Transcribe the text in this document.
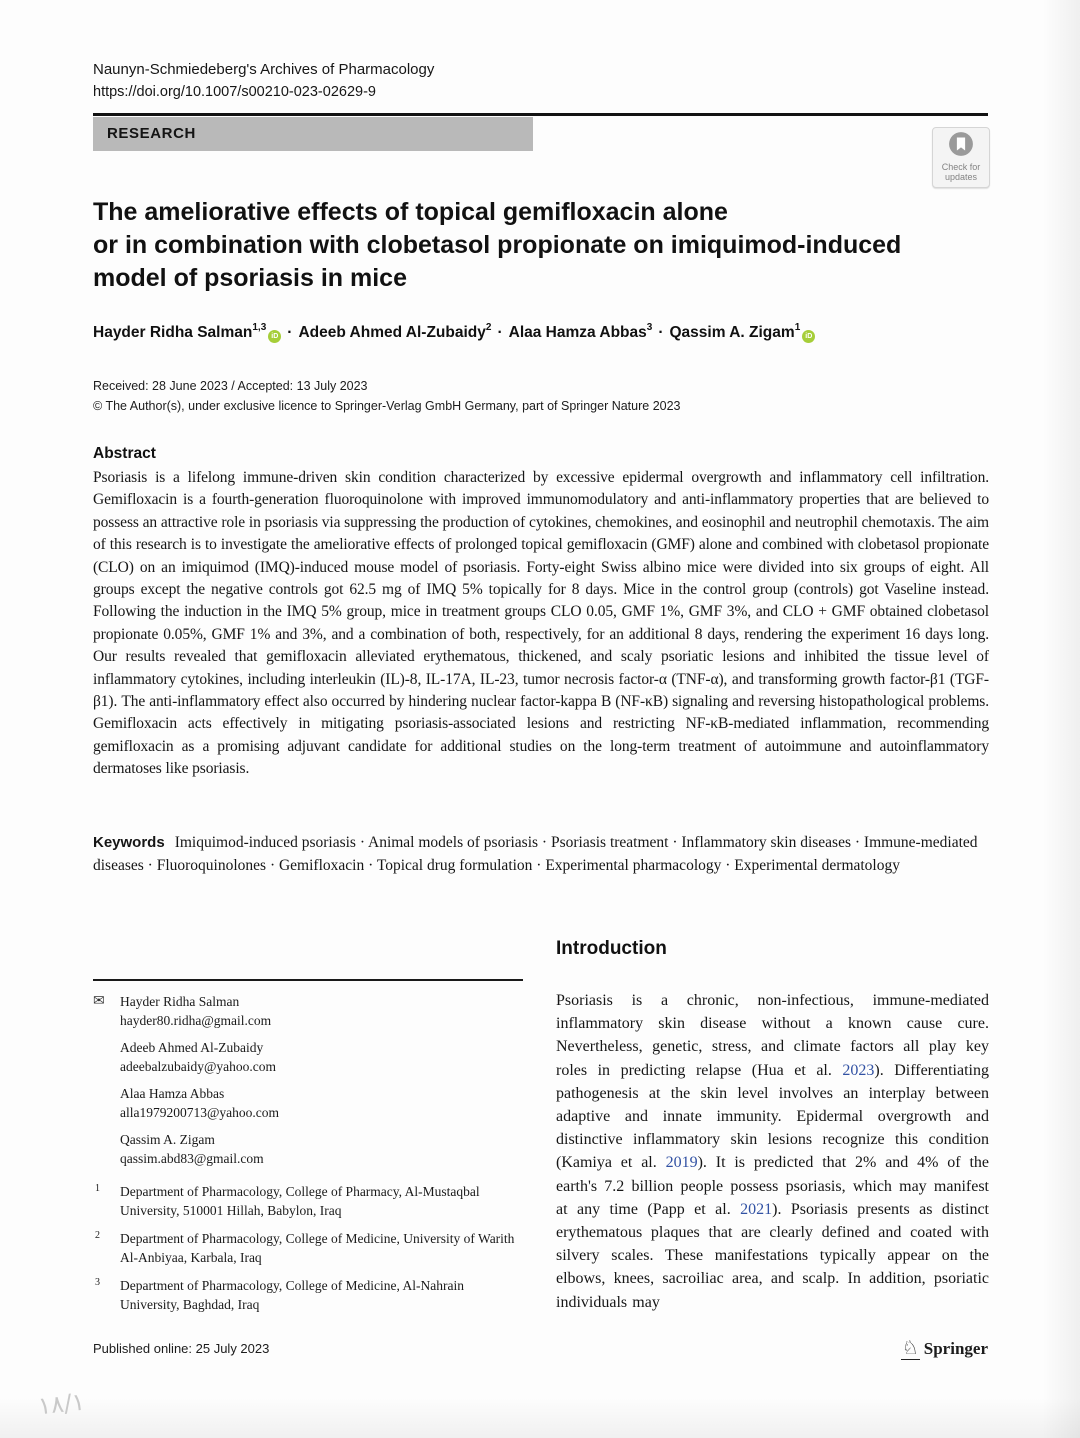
Naunyn-Schmiedeberg's Archives of Pharmacology
https://doi.org/10.1007/s00210-023-02629-9
RESEARCH
Check for
updates
The ameliorative effects of topical gemifloxacin alone
or in combination with clobetasol propionate on imiquimod-induced
model of psoriasis in mice
Hayder Ridha Salman$^{1,3}$iD · Adeeb Ahmed Al-Zubaidy$^2$ · Alaa Hamza Abbas$^3$ · Qassim A. Zigam$^1$iD
Received: 28 June 2023 / Accepted: 13 July 2023
© The Author(s), under exclusive licence to Springer-Verlag GmbH Germany, part of Springer Nature 2023
Abstract
Psoriasis is a lifelong immune-driven skin condition characterized by excessive epidermal overgrowth and inflammatory cell infiltration. Gemifloxacin is a fourth-generation fluoroquinolone with improved immunomodulatory and anti-inflammatory properties that are believed to possess an attractive role in psoriasis via suppressing the production of cytokines, chemokines, and eosinophil and neutrophil chemotaxis. The aim of this research is to investigate the ameliorative effects of prolonged topical gemifloxacin (GMF) alone and combined with clobetasol propionate (CLO) on an imiquimod (IMQ)-induced mouse model of psoriasis. Forty-eight Swiss albino mice were divided into six groups of eight. All groups except the negative controls got 62.5 mg of IMQ 5% topically for 8 days. Mice in the control group (controls) got Vaseline instead. Following the induction in the IMQ 5% group, mice in treatment groups CLO 0.05, GMF 1%, GMF 3%, and CLO + GMF obtained clobetasol propionate 0.05%, GMF 1% and 3%, and a combination of both, respectively, for an additional 8 days, rendering the experiment 16 days long. Our results revealed that gemifloxacin alleviated erythematous, thickened, and scaly psoriatic lesions and inhibited the tissue level of inflammatory cytokines, including interleukin (IL)-8, IL-17A, IL-23, tumor necrosis factor-α (TNF-α), and transforming growth factor-β1 (TGF-β1). The anti-inflammatory effect also occurred by hindering nuclear factor-kappa B (NF-κB) signaling and reversing histopathological problems. Gemifloxacin acts effectively in mitigating psoriasis-associated lesions and restricting NF-κB-mediated inflammation, recommending gemifloxacin as a promising adjuvant candidate for additional studies on the long-term treatment of autoimmune and autoinflammatory dermatoses like psoriasis.
Keywords Imiquimod-induced psoriasis · Animal models of psoriasis · Psoriasis treatment · Inflammatory skin diseases · Immune-mediated diseases · Fluoroquinolones · Gemifloxacin · Topical drug formulation · Experimental pharmacology · Experimental dermatology
✉ Hayder Ridha Salman
hayder80.ridha@gmail.com
Adeeb Ahmed Al-Zubaidy
adeebalzubaidy@yahoo.com
Alaa Hamza Abbas
alla1979200713@yahoo.com
Qassim A. Zigam
qassim.abd83@gmail.com
1 Department of Pharmacology, College of Pharmacy, Al-Mustaqbal University, 510001 Hillah, Babylon, Iraq
2 Department of Pharmacology, College of Medicine, University of Warith Al-Anbiyaa, Karbala, Iraq
3 Department of Pharmacology, College of Medicine, Al-Nahrain University, Baghdad, Iraq
Introduction
Psoriasis is a chronic, non-infectious, immune-mediated inflammatory skin disease without a known cause cure. Nevertheless, genetic, stress, and climate factors all play key roles in predicting relapse (Hua et al. 2023). Differentiating pathogenesis at the skin level involves an interplay between adaptive and innate immunity. Epidermal overgrowth and distinctive inflammatory skin lesions recognize this condition (Kamiya et al. 2019). It is predicted that 2% and 4% of the earth's 7.2 billion people possess psoriasis, which may manifest at any time (Papp et al. 2021). Psoriasis presents as distinct erythematous plaques that are clearly defined and coated with silvery scales. These manifestations typically appear on the elbows, knees, sacroiliac area, and scalp. In addition, psoriatic individuals may
Published online: 25 July 2023	♘ Springer
١٨/١
